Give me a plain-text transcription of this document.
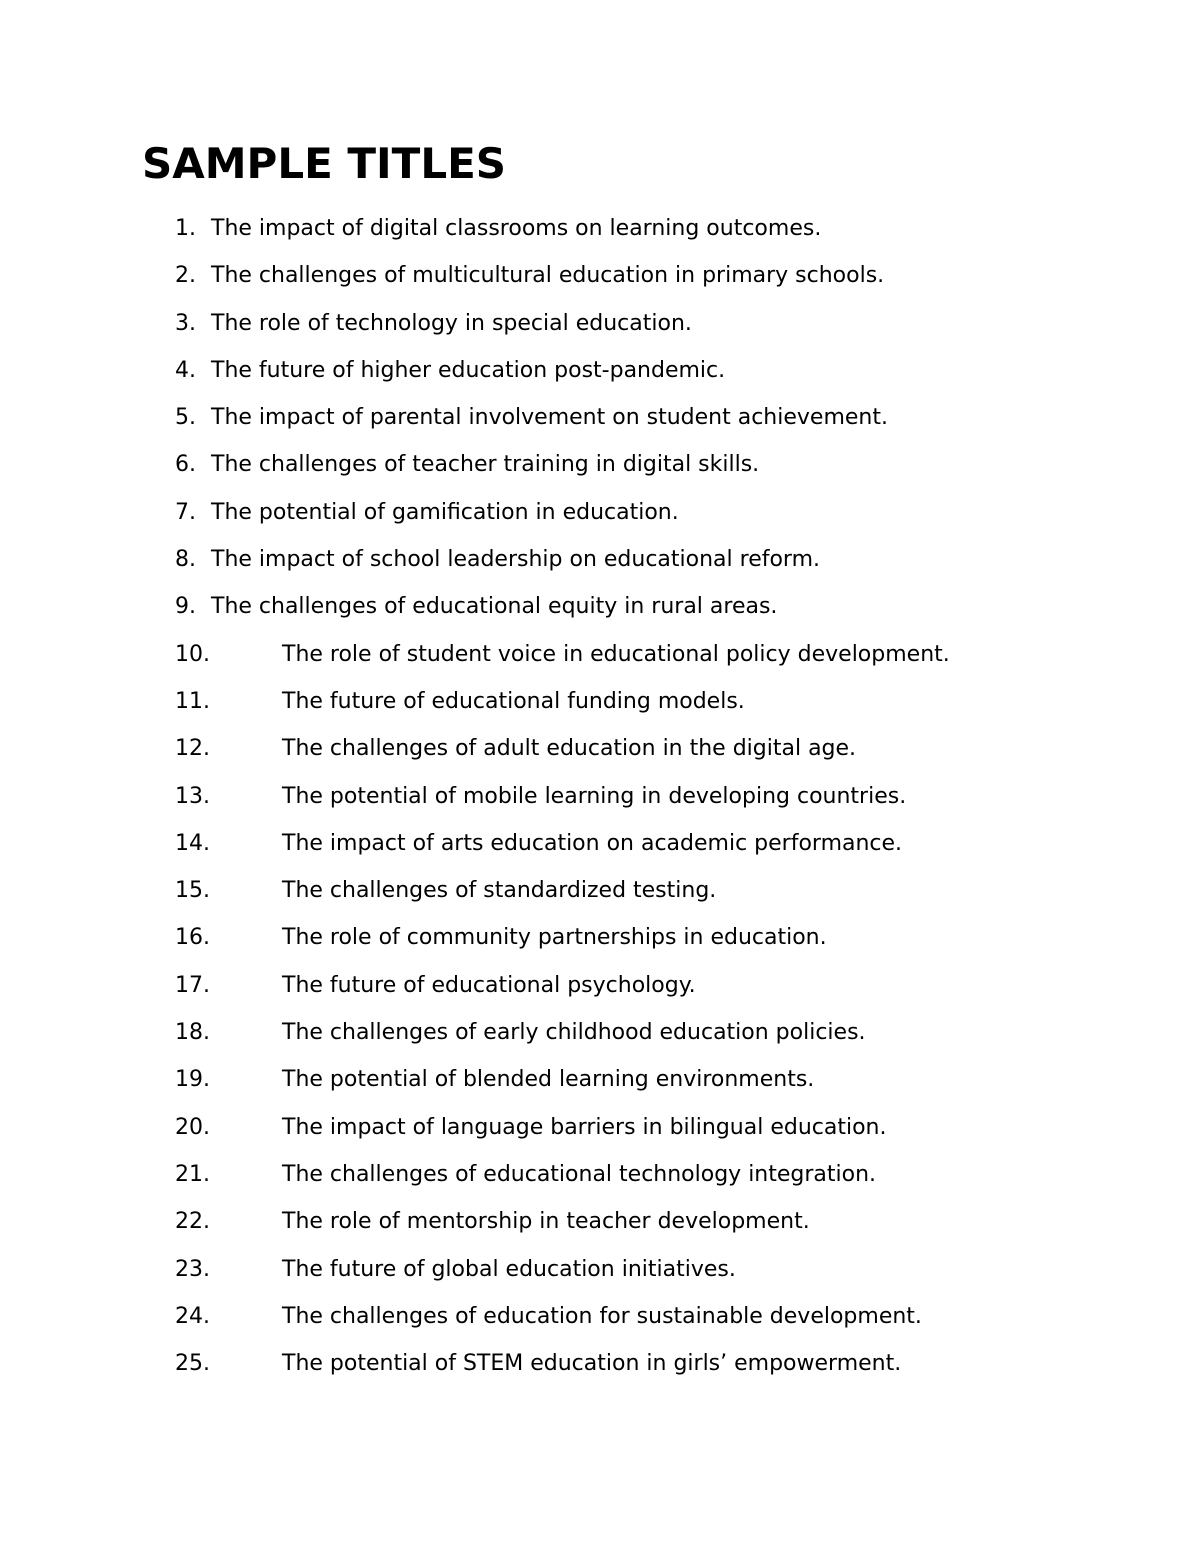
SAMPLE TITLES
1. The impact of digital classrooms on learning outcomes.
2. The challenges of multicultural education in primary schools.
3. The role of technology in special education.
4. The future of higher education post-pandemic.
5. The impact of parental involvement on student achievement.
6. The challenges of teacher training in digital skills.
7. The potential of gamification in education.
8. The impact of school leadership on educational reform.
9. The challenges of educational equity in rural areas.
10.	The role of student voice in educational policy development.
11.	The future of educational funding models.
12.	The challenges of adult education in the digital age.
13.	The potential of mobile learning in developing countries.
14.	The impact of arts education on academic performance.
15.	The challenges of standardized testing.
16.	The role of community partnerships in education.
17.	The future of educational psychology.
18.	The challenges of early childhood education policies.
19.	The potential of blended learning environments.
20.	The impact of language barriers in bilingual education.
21.	The challenges of educational technology integration.
22.	The role of mentorship in teacher development.
23.	The future of global education initiatives.
24.	The challenges of education for sustainable development.
25.	The potential of STEM education in girls’ empowerment.
